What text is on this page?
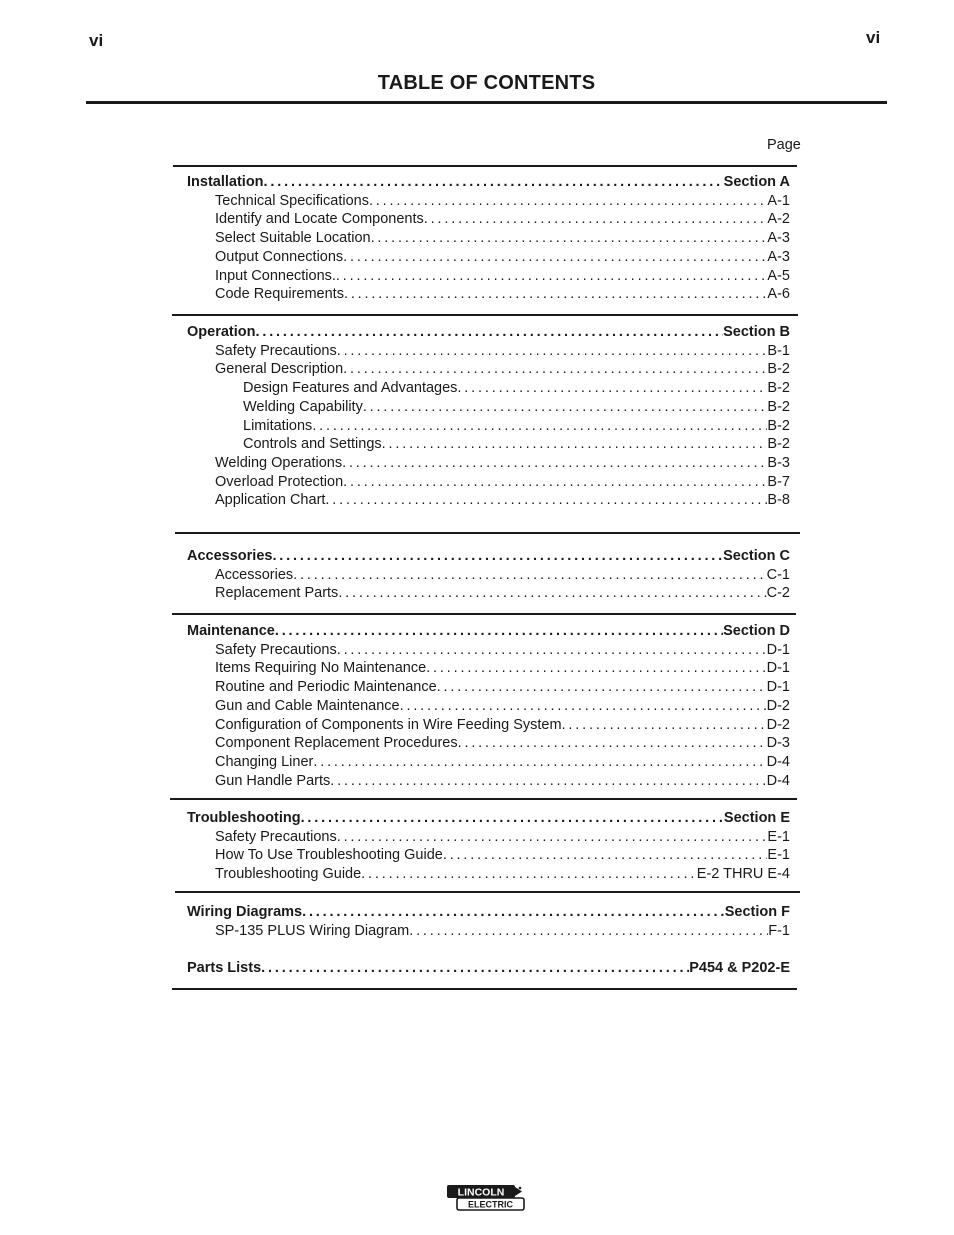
vi	vi
TABLE OF CONTENTS
Page
Installation . . .	Section A
Technical Specifications . . .	A-1
Identify and Locate Components . . .	A-2
Select Suitable Location . . .	A-3
Output Connections . . .	A-3
Input Connections. . . .	A-5
Code Requirements . . .	A-6
Operation . . .	Section B
Safety Precautions . . .	B-1
General Description . . .	B-2
Design Features and Advantages . . .	B-2
Welding Capability . . .	B-2
Limitations . . .	B-2
Controls and Settings . . .	B-2
Welding Operations . . .	B-3
Overload Protection . . .	B-7
Application Chart . . .	B-8
Accessories . . .	Section C
Accessories . . .	C-1
Replacement Parts . . .	C-2
Maintenance . . .	Section D
Safety Precautions . . .	D-1
Items Requiring No Maintenance . . .	D-1
Routine and Periodic Maintenance . . .	D-1
Gun and Cable Maintenance . . .	D-2
Configuration of Components in Wire Feeding System . . .	D-2
Component Replacement Procedures . . .	D-3
Changing Liner . . .	D-4
Gun Handle Parts . . .	D-4
Troubleshooting . . .	Section E
Safety Precautions . . .	E-1
How To Use Troubleshooting Guide . . .	E-1
Troubleshooting Guide . . .	E-2 THRU E-4
Wiring Diagrams . . .	Section F
SP-135 PLUS Wiring Diagram . . .	F-1
Parts Lists . . .	P454 & P202-E
LINCOLN
ELECTRIC
